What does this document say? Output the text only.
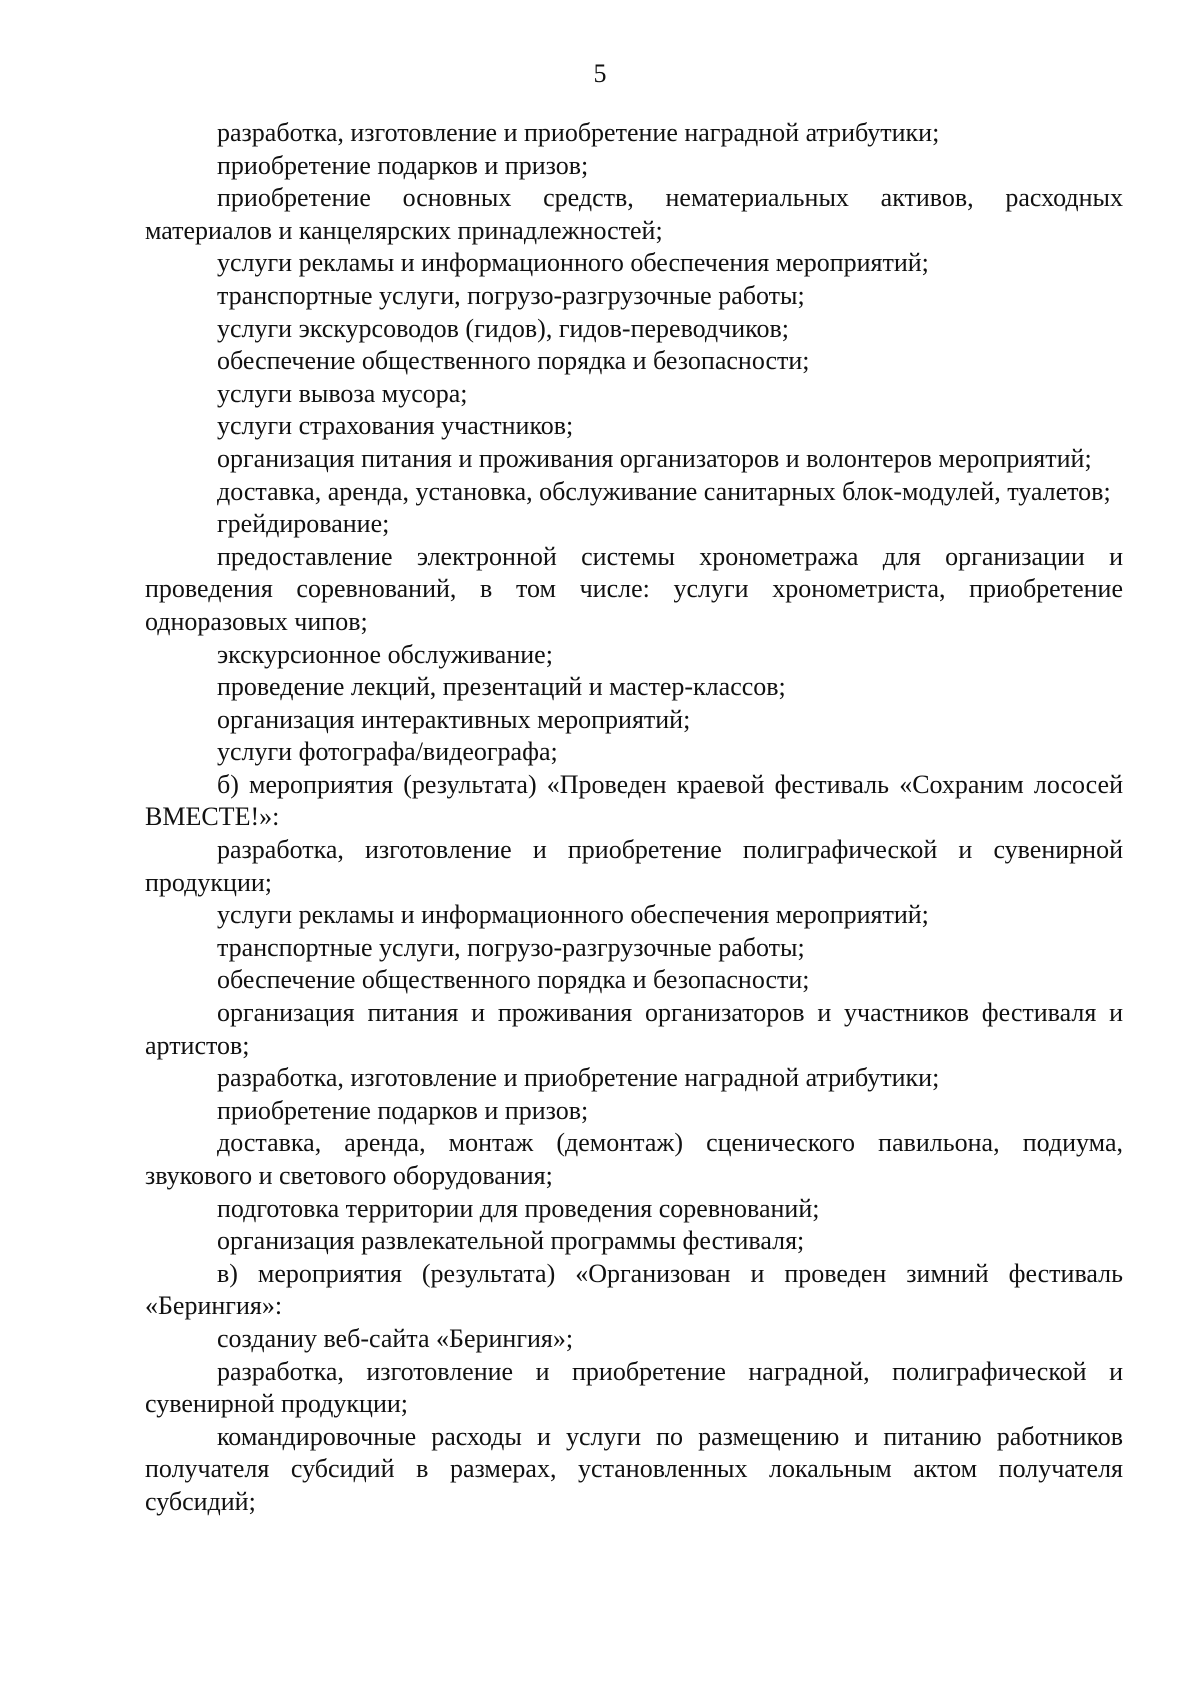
5

разработка, изготовление и приобретение наградной атрибутики;

приобретение подарков и призов;

приобретение основных средств, нематериальных активов, расходных материалов и канцелярских принадлежностей;

услуги рекламы и информационного обеспечения мероприятий;

транспортные услуги, погрузо-разгрузочные работы;

услуги экскурсоводов (гидов), гидов-переводчиков;

обеспечение общественного порядка и безопасности;

услуги вывоза мусора;

услуги страхования участников;

организация питания и проживания организаторов и волонтеров мероприятий;

доставка, аренда, установка, обслуживание санитарных блок-модулей, туалетов;

грейдирование;

предоставление электронной системы хронометража для организации и проведения соревнований, в том числе: услуги хронометриста, приобретение одноразовых чипов;

экскурсионное обслуживание;

проведение лекций, презентаций и мастер-классов;

организация интерактивных мероприятий;

услуги фотографа/видеографа;

б) мероприятия (результата) «Проведен краевой фестиваль «Сохраним лососей ВМЕСТЕ!»:

разработка, изготовление и приобретение полиграфической и сувенирной продукции;

услуги рекламы и информационного обеспечения мероприятий;

транспортные услуги, погрузо-разгрузочные работы;

обеспечение общественного порядка и безопасности;

организация питания и проживания организаторов и участников фестиваля и артистов;

разработка, изготовление и приобретение наградной атрибутики;

приобретение подарков и призов;

доставка, аренда, монтаж (демонтаж) сценического павильона, подиума, звукового и светового оборудования;

подготовка территории для проведения соревнований;

организация развлекательной программы фестиваля;

в) мероприятия (результата) «Организован и проведен зимний фестиваль «Берингия»:

созданиу веб-сайта «Берингия»;

разработка, изготовление и приобретение наградной, полиграфической и сувенирной продукции;

командировочные расходы и услуги по размещению и питанию работников получателя субсидий в размерах, установленных локальным актом получателя субсидий;
